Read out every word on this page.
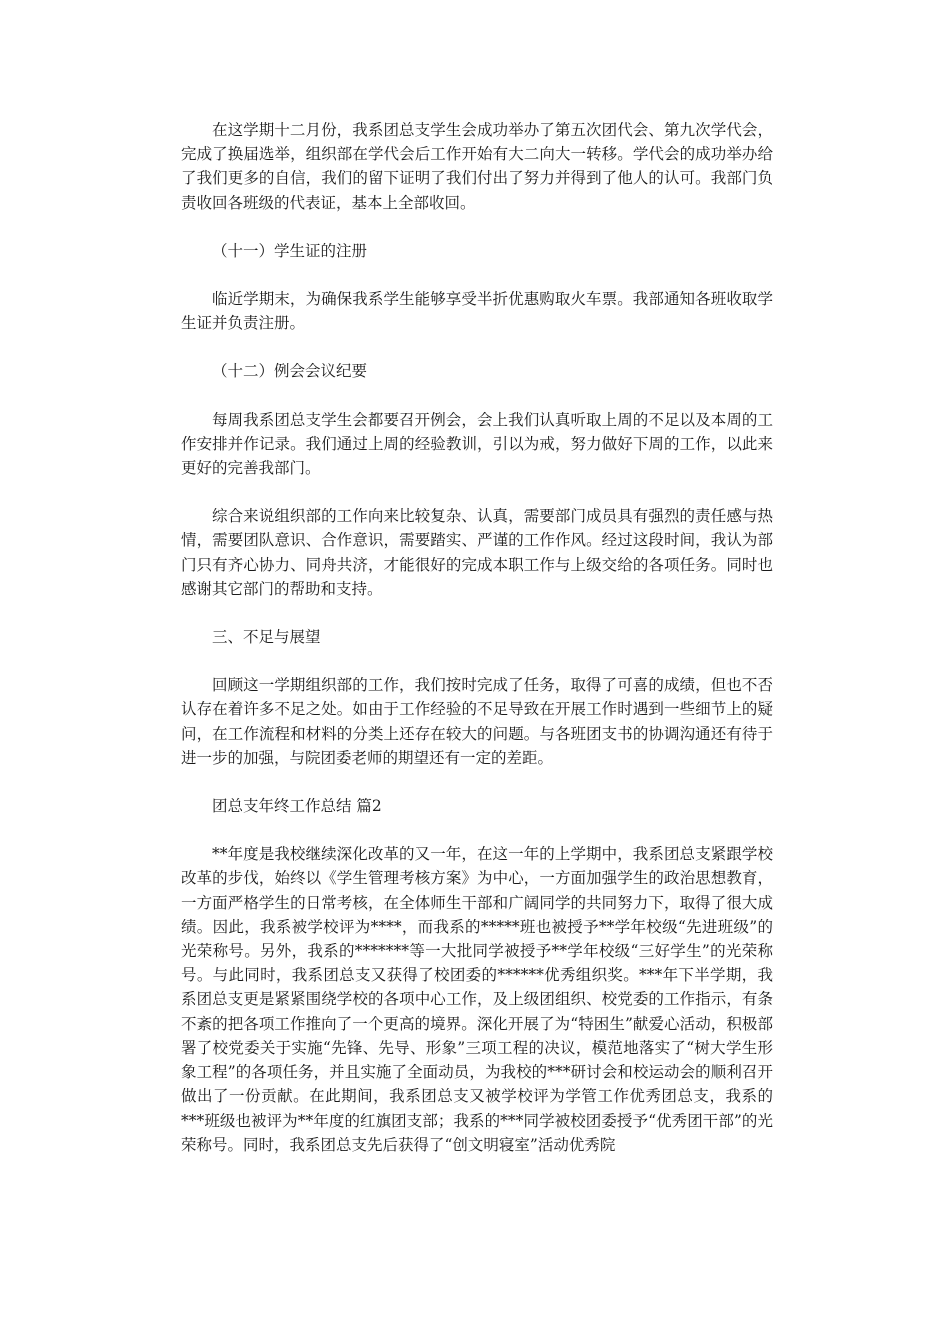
在这学期十二月份，我系团总支学生会成功举办了第五次团代会、第九次学代会，完成了换届选举，组织部在学代会后工作开始有大二向大一转移。学代会的成功举办给了我们更多的自信，我们的留下证明了我们付出了努力并得到了他人的认可。我部门负责收回各班级的代表证，基本上全部收回。

（十一）学生证的注册

临近学期末，为确保我系学生能够享受半折优惠购取火车票。我部通知各班收取学生证并负责注册。

（十二）例会会议纪要

每周我系团总支学生会都要召开例会，会上我们认真听取上周的不足以及本周的工作安排并作记录。我们通过上周的经验教训，引以为戒，努力做好下周的工作，以此来更好的完善我部门。

综合来说组织部的工作向来比较复杂、认真，需要部门成员具有强烈的责任感与热情，需要团队意识、合作意识，需要踏实、严谨的工作作风。经过这段时间，我认为部门只有齐心协力、同舟共济，才能很好的完成本职工作与上级交给的各项任务。同时也感谢其它部门的帮助和支持。

三、不足与展望

回顾这一学期组织部的工作，我们按时完成了任务，取得了可喜的成绩，但也不否认存在着许多不足之处。如由于工作经验的不足导致在开展工作时遇到一些细节上的疑问，在工作流程和材料的分类上还存在较大的问题。与各班团支书的协调沟通还有待于进一步的加强，与院团委老师的期望还有一定的差距。

团总支年终工作总结 篇2

**年度是我校继续深化改革的又一年，在这一年的上学期中，我系团总支紧跟学校改革的步伐，始终以《学生管理考核方案》为中心，一方面加强学生的政治思想教育，一方面严格学生的日常考核，在全体师生干部和广阔同学的共同努力下，取得了很大成绩。因此，我系被学校评为****，而我系的*****班也被授予**学年校级“先进班级”的光荣称号。另外，我系的*******等一大批同学被授予**学年校级“三好学生”的光荣称号。与此同时，我系团总支又获得了校团委的******优秀组织奖。***年下半学期，我系团总支更是紧紧围绕学校的各项中心工作，及上级团组织、校党委的工作指示，有条不紊的把各项工作推向了一个更高的境界。深化开展了为“特困生”献爱心活动，积极部署了校党委关于实施“先锋、先导、形象”三项工程的决议，模范地落实了“树大学生形象工程”的各项任务，并且实施了全面动员，为我校的***研讨会和校运动会的顺利召开做出了一份贡献。在此期间，我系团总支又被学校评为学管工作优秀团总支，我系的***班级也被评为**年度的红旗团支部；我系的***同学被校团委授予“优秀团干部”的光荣称号。同时，我系团总支先后获得了“创文明寝室”活动优秀院
